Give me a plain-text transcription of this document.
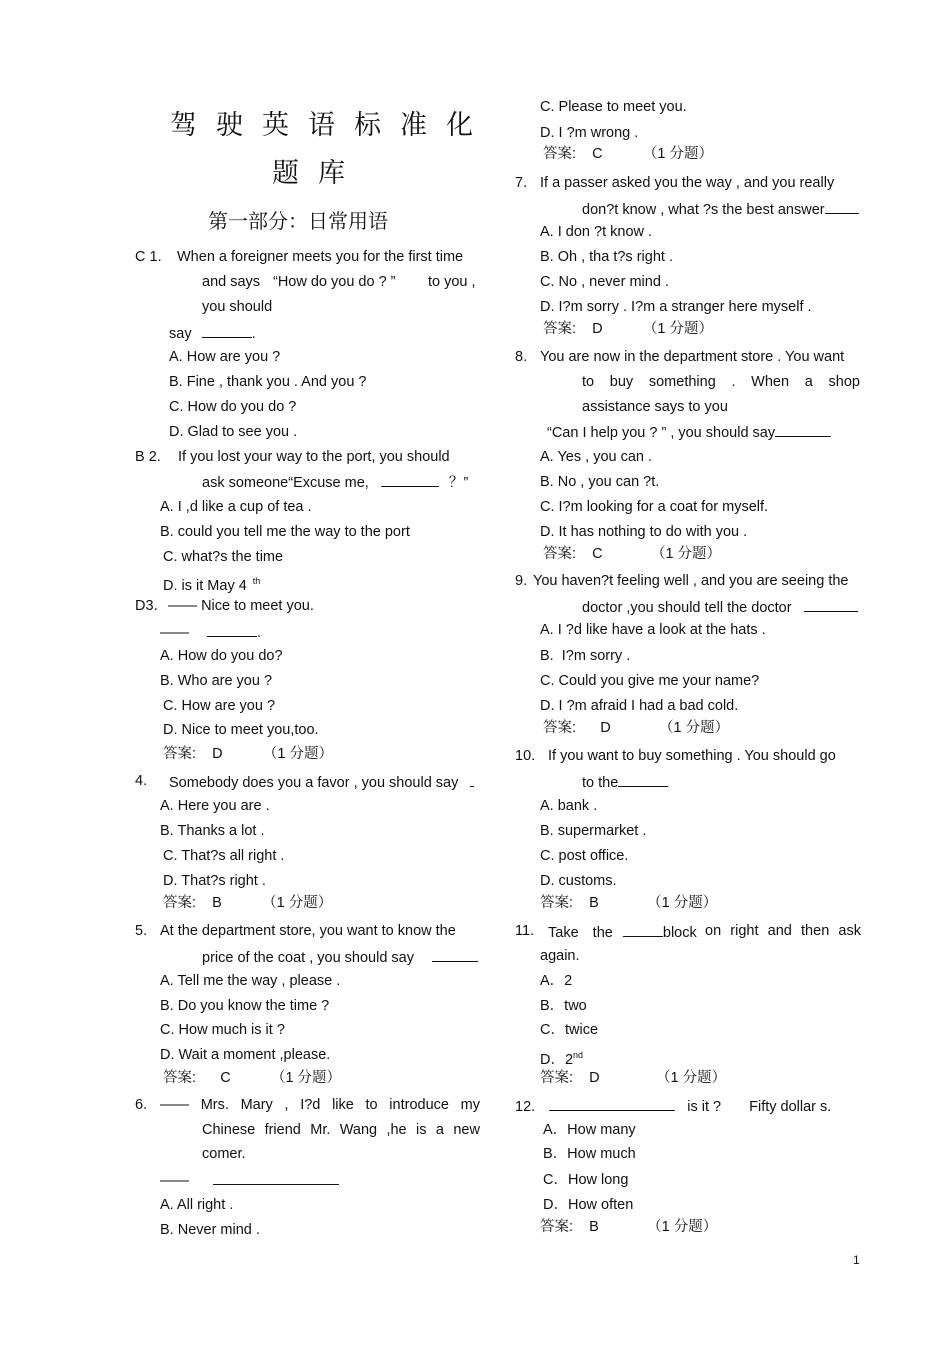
驾驶英语标准化
题库
第一部分：日常用语
C 1. When a foreigner meets you for the first time
and says “How do you do ? ” to you ,
you should
say	.
A. How are you ?
B. Fine , thank you . And you ?
C. How do you do ?
D. Glad to see you .
B 2. If you lost your way to the port, you should
ask someone“Excuse me,	？”
A. I ,d like a cup of tea .
B. could you tell me the way to the port
C. what?s the time
D. is it May 4 $^{th}$
D3．—— Nice to meet you.
——	.
A. How do you do?
B. Who are you ?
C. How are you ?
D. Nice to meet you,too.
答案:    D          （1 分题）
4. Somebody does you a favor , you should say
A. Here you are .
B. Thanks a lot .
C. That?s all right .
D. That?s right .
答案:    B          （1 分题）
5. At the department store, you want to know the
price of the coat , you should say
A. Tell me the way , please .
B. Do you know the time ?
C. How much is it ?
D. Wait a moment ,please.
答案:      C          （1 分题）
6. —— Mrs. Mary , I?d like to introduce my
Chinese friend Mr. Wang ,he is a new
comer.
——
A. All right .
B. Never mind .
C. Please to meet you.
D. I ?m wrong .
答案:    C          （1 分题）
7. If a passer asked you the way , and you really
don?t know , what ?s the best answer
A. I don ?t know .
B. Oh , tha t?s right .
C. No , never mind .
D. I?m sorry . I?m a stranger here myself .
答案:    D          （1 分题）
8. You are now in the department store . You want
to buy something . When a shop
assistance says to you
“Can I help you ? ” , you should say
A. Yes , you can .
B. No , you can ?t.
C. I?m looking for a coat for myself.
D. It has nothing to do with you .
答案:    C            （1 分题）
9. You haven?t feeling well , and you are seeing the
doctor ,you should tell the doctor
A. I ?d like have a look at the hats .
B.  I?m sorry .
C. Could you give me your name?
D. I ?m afraid I had a bad cold.
答案:      D            （1 分题）
10. If you want to buy something . You should go
to the
A. bank .
B. supermarket .
C. post office.
D. customs.
答案:    B            （1 分题）
11. Take the	block on right and then ask
again.
A．2
B．two
C．twice
D．2nd
答案:    D              （1 分题）
12.	is it ? Fifty dollar s.
A．How many
B．How much
C．How long
D．How often
答案:    B            （1 分题）
1
